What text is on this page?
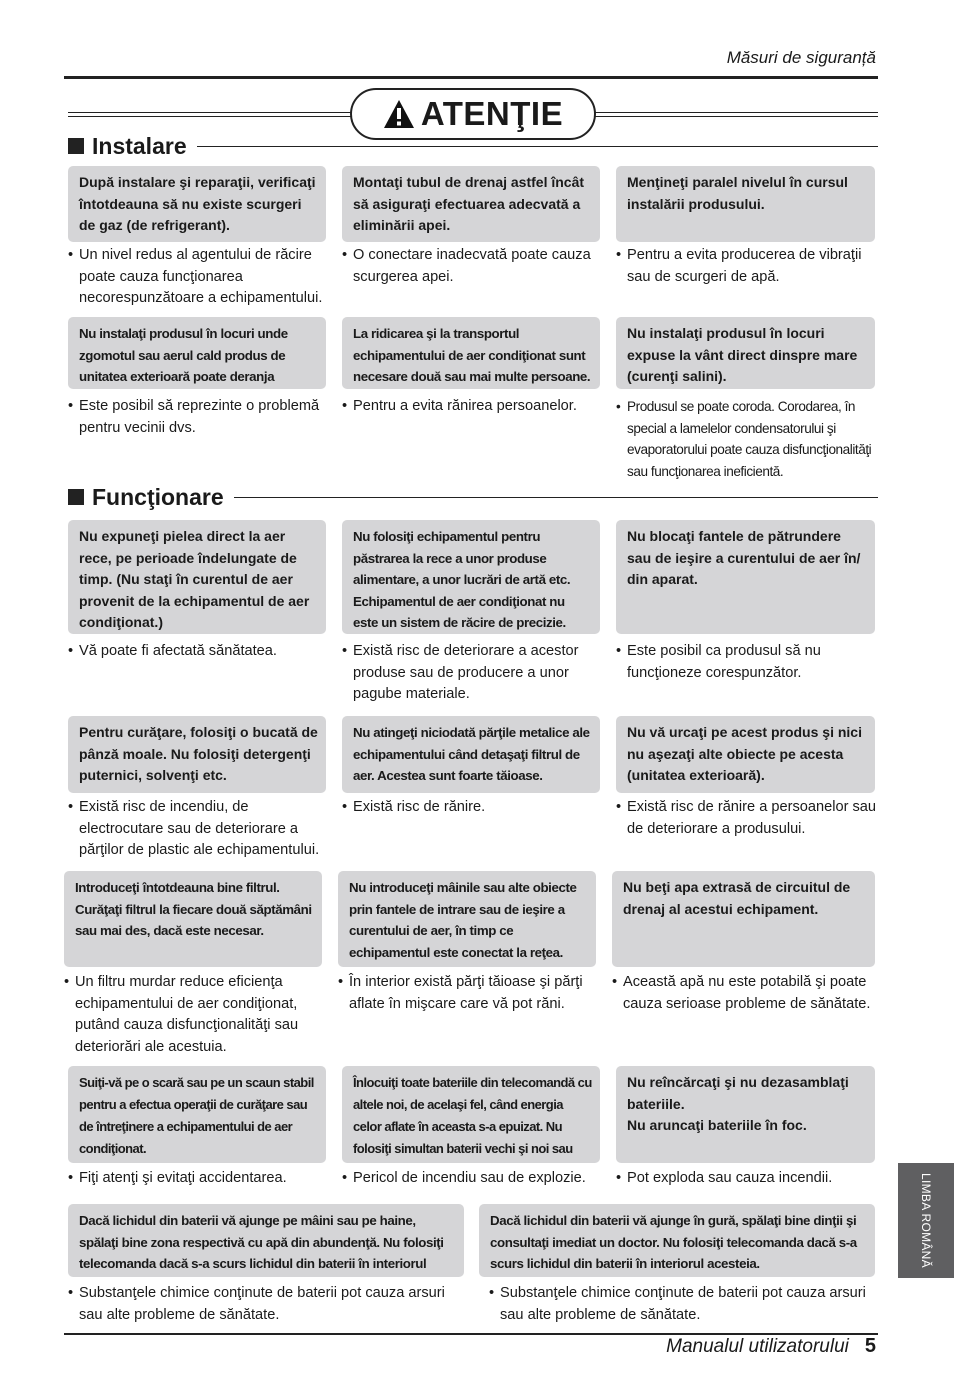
Măsuri de siguranță
ATENŢIE
Instalare
După instalare şi reparaţii, verificaţi întotdeauna să nu existe scurgeri de gaz (de refrigerant).
Montaţi tubul de drenaj astfel încât să asiguraţi efectuarea adecvată a eliminării apei.
Menţineţi paralel nivelul în cursul instalării produsului.
• Un nivel redus al agentului de răcire poate cauza funcţionarea necorespunzătoare a echipamentului.
• O conectare inadecvată poate cauza scurgerea apei.
• Pentru a evita producerea de vibraţii sau de scurgeri de apă.
Nu instalaţi produsul în locuri unde zgomotul sau aerul cald produs de unitatea exterioară poate deranja
La ridicarea şi la transportul echipamentului de aer condiţionat sunt necesare două sau mai multe persoane.
Nu instalaţi produsul în locuri expuse la vânt direct dinspre mare (curenţi salini).
• Este posibil să reprezinte o problemă pentru vecinii dvs.
• Pentru a evita rănirea persoanelor.	• Produsul se poate coroda. Corodarea, în special a lamelelor condensatorului şi evaporatorului poate cauza disfuncţionalităţi sau funcţionarea ineficientă.
Funcţionare
Nu expuneţi pielea direct la aer rece, pe perioade îndelungate de timp. (Nu staţi în curentul de aer provenit de la echipamentul de aer condiţionat.)
Nu folosiţi echipamentul pentru păstrarea la rece a unor produse alimentare, a unor lucrări de artă etc. Echipamentul de aer condiţionat nu este un sistem de răcire de precizie.
Nu blocaţi fantele de pătrundere sau de ieşire a curentului de aer în/ din aparat.
• Vă poate fi afectată sănătatea.	• Există risc de deteriorare a acestor produse sau de producere a unor pagube materiale.
• Este posibil ca produsul să nu funcţioneze corespunzător.
Pentru curăţare, folosiţi o bucată de pânză moale. Nu folosiţi detergenţi puternici, solvenţi etc.
Nu atingeţi niciodată părţile metalice ale echipamentului când detaşaţi filtrul de aer. Acestea sunt foarte tăioase.
Nu vă urcaţi pe acest produs şi nici nu aşezaţi alte obiecte pe acesta (unitatea exterioară).
• Există risc de incendiu, de electrocutare sau de deteriorare a părţilor de plastic ale echipamentului.
• Există risc de rănire.	• Există risc de rănire a persoanelor sau de deteriorare a produsului.
Introduceţi întotdeauna bine filtrul. Curăţaţi filtrul la fiecare două săptămâni sau mai des, dacă este necesar.
Nu introduceţi mâinile sau alte obiecte prin fantele de intrare sau de ieşire a curentului de aer, în timp ce echipamentul este conectat la reţea.
Nu beţi apa extrasă de circuitul de drenaj al acestui echipament.
• Un filtru murdar reduce eficienţa echipamentului de aer condiţionat, putând cauza disfuncţionalităţi sau deteriorări ale acestuia.
• În interior există părţi tăioase şi părţi aflate în mişcare care vă pot răni.
• Această apă nu este potabilă şi poate cauza serioase probleme de sănătate.
Suiţi-vă pe o scară sau pe un scaun stabil pentru a efectua operaţii de curăţare sau de întreţinere a echipamentului de aer condiţionat.
Înlocuiţi toate bateriile din telecomandă cu altele noi, de acelaşi fel, când energia celor aflate în aceasta s-a epuizat. Nu folosiţi simultan baterii vechi şi noi sau
Nu reîncărcaţi şi nu dezasamblaţi bateriile.
Nu aruncaţi bateriile în foc.
• Fiţi atenţi şi evitaţi accidentarea.	• Pericol de incendiu sau de explozie.	• Pot exploda sau cauza incendii.
Dacă lichidul din baterii vă ajunge pe mâini sau pe haine, spălaţi bine zona respectivă cu apă din abundenţă. Nu folosiţi telecomanda dacă s-a scurs lichidul din baterii în interiorul
Dacă lichidul din baterii vă ajunge în gură, spălaţi bine dinţii şi consultaţi imediat un doctor. Nu folosiţi telecomanda dacă s-a scurs lichidul din baterii în interiorul acesteia.
• Substanţele chimice conţinute de baterii pot cauza arsuri sau alte probleme de sănătate.
• Substanţele chimice conţinute de baterii pot cauza arsuri sau alte probleme de sănătate.
LIMBA ROMÂNĂ
Manualul utilizatorului 5
